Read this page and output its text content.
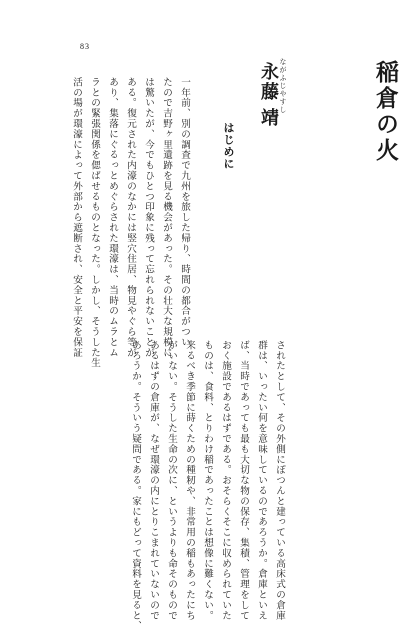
83
稲倉の火
ながふじやすし
永藤靖
はじめに
一年前、別の調査で九州を旅した帰り、時間の都合がつい
たので吉野ヶ里遺跡を見る機会があった。その壮大な規模に
は驚いたが、今でもひとつ印象に残って忘れられないことが
ある。復元された内濠のなかには竪穴住居、物見やぐら等が
あり、集落にぐるっとめぐらされた環濠は、当時のムラとム
ラとの緊張関係を偲ばせるものとなった。しかし、そうした生
活の場が環濠によって外部から遮断され、安全と平安を保証
されたとして、その外側にぽつんと建っている高床式の倉庫
群は、いったい何を意味しているのであろうか。倉庫といえ
ば、当時であっても最も大切な物の保存、集積、管理をして
おく施設であるはずである。おそらくそこに収められていた
ものは、食料、とりわけ稲であったことは想像に難くない。
来るべき季節に蒔くための種籾や、非常用の稲もあったにち
がいない。そうした生命の次に、というよりも命そのもので
あるはずの倉庫が、なぜ環濠の内にとりこまれていないので
あろうか。そういう疑問である。家にもどって資料を見ると、
